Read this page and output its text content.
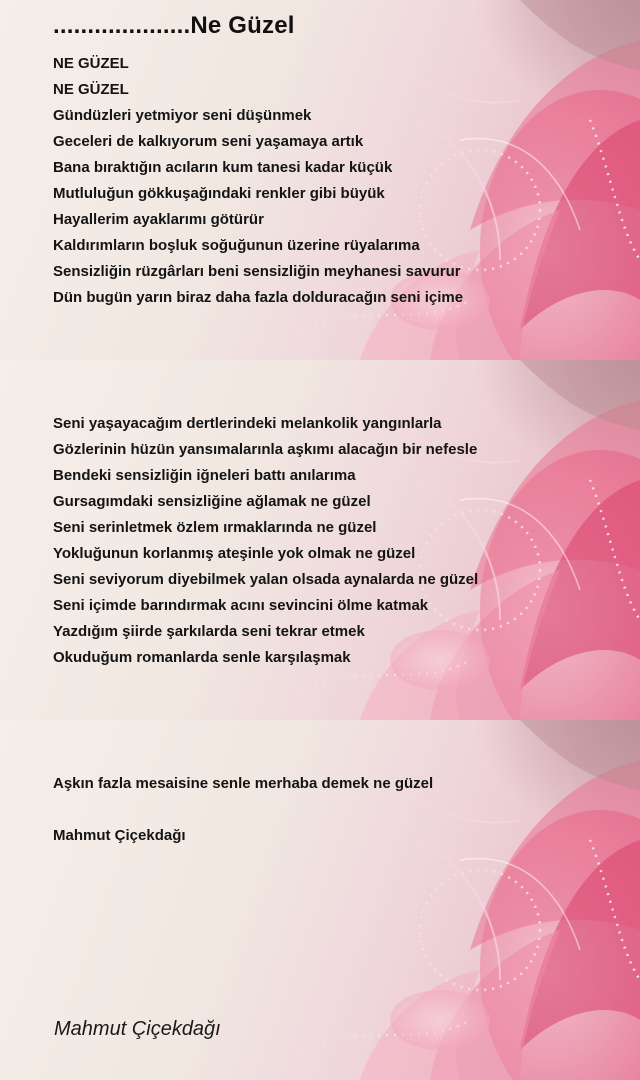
....................Ne Güzel
NE GÜZEL
NE GÜZEL
Gündüzleri yetmiyor seni düşünmek
Geceleri de kalkıyorum seni yaşamaya artık
Bana bıraktığın acıların kum tanesi kadar küçük
Mutluluğun gökkuşağındaki renkler gibi büyük
Hayallerim ayaklarımı götürür
Kaldırımların boşluk soğuğunun üzerine rüyalarıma
Sensizliğin rüzgârları beni sensizliğin meyhanesi savurur
Dün bugün yarın biraz daha fazla dolduracağın seni içime
Seni yaşayacağım dertlerindeki melankolik yangınlarla
Gözlerinin hüzün yansımalarınla aşkımı alacağın bir nefesle
Bendeki sensizliğin iğneleri battı anılarıma
Gursagımdaki sensizliğine ağlamak ne güzel
Seni serinletmek özlem ırmaklarında ne güzel
Yokluğunun korlanmış ateşinle yok olmak ne güzel
Seni seviyorum diyebilmek yalan olsada aynalarda ne güzel
Seni içimde barındırmak acını sevincini ölme katmak
Yazdığım şiirde şarkılarda seni tekrar etmek
Okuduğum romanlarda senle karşılaşmak
Aşkın fazla mesaisine senle merhaba demek ne güzel
Mahmut Çiçekdağı
Mahmut Çiçekdağı
